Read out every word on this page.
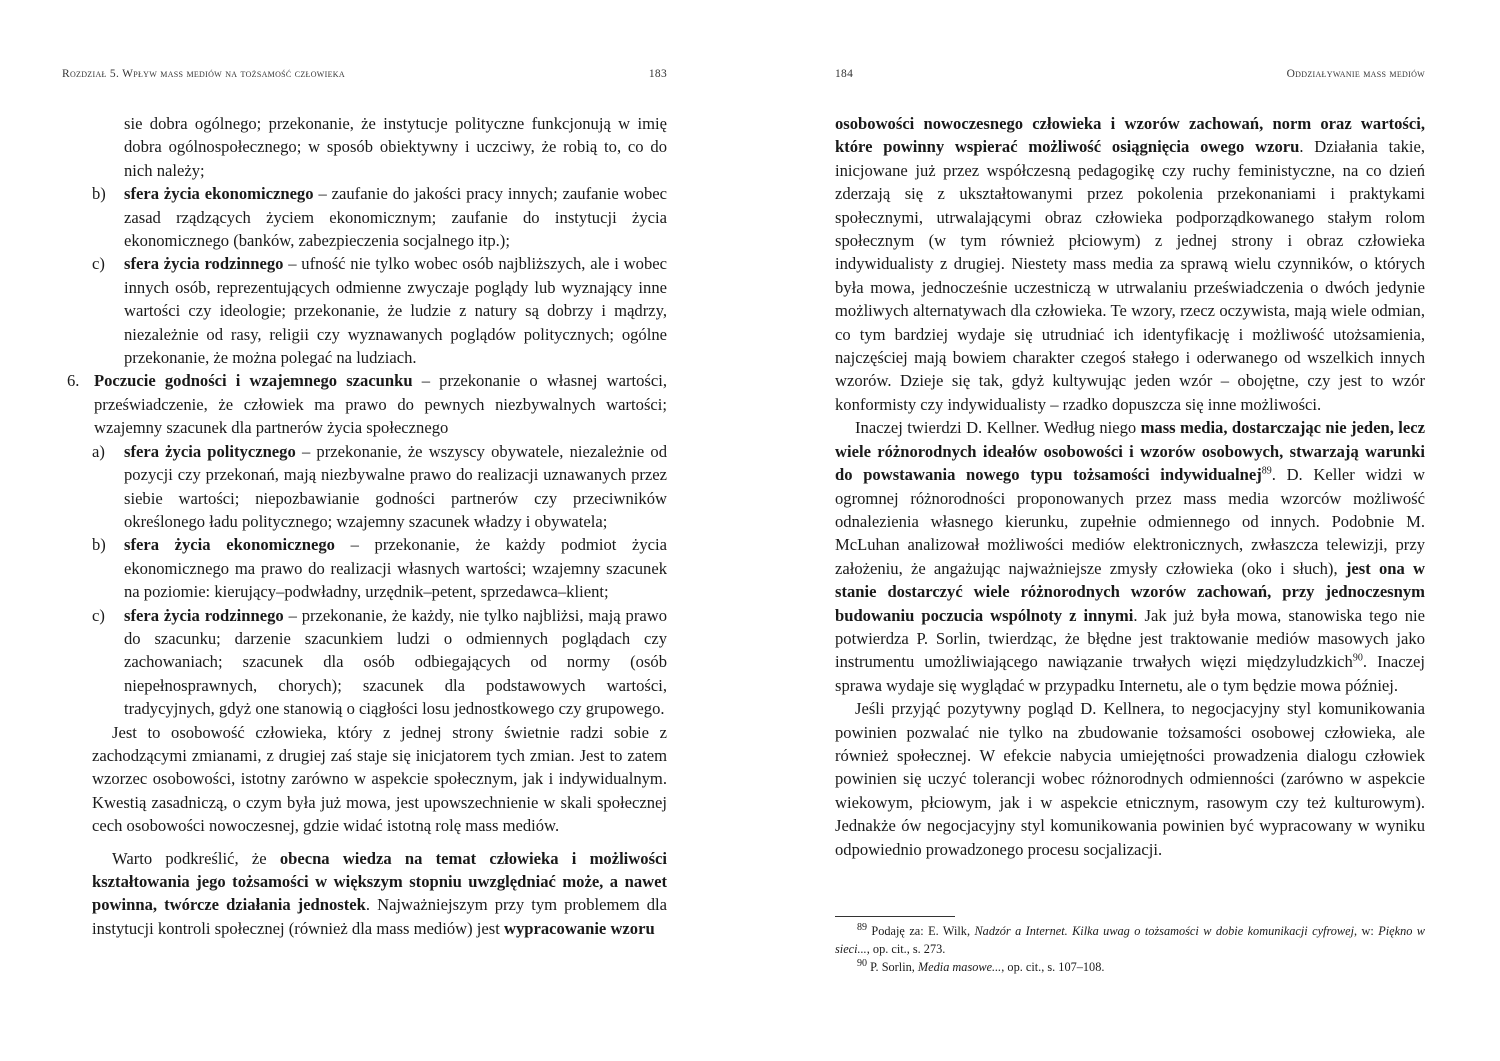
Rozdział 5. Wpływ mass mediów na tożsamość człowieka	183

sie dobra ogólnego; przekonanie, że instytucje polityczne funkcjonują w imię dobra ogólnospołecznego; w sposób obiektywny i uczciwy, że robią to, co do nich należy;

b)	sfera życia ekonomicznego – zaufanie do jakości pracy innych; zaufanie wobec zasad rządzących życiem ekonomicznym; zaufanie do instytucji życia ekonomicznego (banków, zabezpieczenia socjalnego itp.);
c)	sfera życia rodzinnego – ufność nie tylko wobec osób najbliższych, ale i wobec innych osób, reprezentujących odmienne zwyczaje poglądy lub wyznający inne wartości czy ideologie; przekonanie, że ludzie z natury są dobrzy i mądrzy, niezależnie od rasy, religii czy wyznawanych poglądów politycznych; ogólne przekonanie, że można polegać na ludziach.
6. Poczucie godności i wzajemnego szacunku – przekonanie o własnej wartości, przeświadczenie, że człowiek ma prawo do pewnych niezbywalnych wartości; wzajemny szacunek dla partnerów życia społecznego
a)	sfera życia politycznego – przekonanie, że wszyscy obywatele, niezależnie od pozycji czy przekonań, mają niezbywalne prawo do realizacji uznawanych przez siebie wartości; niepozbawianie godności partnerów czy przeciwników określonego ładu politycznego; wzajemny szacunek władzy i obywatela;
b)	sfera życia ekonomicznego – przekonanie, że każdy podmiot życia ekonomicznego ma prawo do realizacji własnych wartości; wzajemny szacunek na poziomie: kierujący–podwładny, urzędnik–petent, sprzedawca–klient;
c)	sfera życia rodzinnego – przekonanie, że każdy, nie tylko najbliżsi, mają prawo do szacunku; darzenie szacunkiem ludzi o odmiennych poglądach czy zachowaniach; szacunek dla osób odbiegających od normy (osób niepełnosprawnych, chorych); szacunek dla podstawowych wartości, tradycyjnych, gdyż one stanowią o ciągłości losu jednostkowego czy grupowego.

Jest to osobowość człowieka, który z jednej strony świetnie radzi sobie z zachodzącymi zmianami, z drugiej zaś staje się inicjatorem tych zmian. Jest to zatem wzorzec osobowości, istotny zarówno w aspekcie społecznym, jak i indywidualnym. Kwestią zasadniczą, o czym była już mowa, jest upowszechnienie w skali społecznej cech osobowości nowoczesnej, gdzie widać istotną rolę mass mediów.

Warto podkreślić, że obecna wiedza na temat człowieka i możliwości kształtowania jego tożsamości w większym stopniu uwzględniać może, a nawet powinna, twórcze działania jednostek. Najważniejszym przy tym problemem dla instytucji kontroli społecznej (również dla mass mediów) jest wypracowanie wzoru

184	Oddziaływanie mass mediów

osobowości nowoczesnego człowieka i wzorów zachowań, norm oraz wartości, które powinny wspierać możliwość osiągnięcia owego wzoru. Działania takie, inicjowane już przez współczesną pedagogikę czy ruchy feministyczne, na co dzień zderzają się z ukształtowanymi przez pokolenia przekonaniami i praktykami społecznymi, utrwalającymi obraz człowieka podporządkowanego stałym rolom społecznym (w tym również płciowym) z jednej strony i obraz człowieka indywidualisty z drugiej. Niestety mass media za sprawą wielu czynników, o których była mowa, jednocześnie uczestniczą w utrwalaniu przeświadczenia o dwóch jedynie możliwych alternatywach dla człowieka. Te wzory, rzecz oczywista, mają wiele odmian, co tym bardziej wydaje się utrudniać ich identyfikację i możliwość utożsamienia, najczęściej mają bowiem charakter czegoś stałego i oderwanego od wszelkich innych wzorów. Dzieje się tak, gdyż kultywując jeden wzór – obojętne, czy jest to wzór konformisty czy indywidualisty – rzadko dopuszcza się inne możliwości.

Inaczej twierdzi D. Kellner. Według niego mass media, dostarczając nie jeden, lecz wiele różnorodnych ideałów osobowości i wzorów osobowych, stwarzają warunki do powstawania nowego typu tożsamości indywidualnej$^{89}$. D. Keller widzi w ogromnej różnorodności proponowanych przez mass media wzorców możliwość odnalezienia własnego kierunku, zupełnie odmiennego od innych. Podobnie M. McLuhan analizował możliwości mediów elektronicznych, zwłaszcza telewizji, przy założeniu, że angażując najważniejsze zmysły człowieka (oko i słuch), jest ona w stanie dostarczyć wiele różnorodnych wzorów zachowań, przy jednoczesnym budowaniu poczucia wspólnoty z innymi. Jak już była mowa, stanowiska tego nie potwierdza P. Sorlin, twierdząc, że błędne jest traktowanie mediów masowych jako instrumentu umożliwiającego nawiązanie trwałych więzi międzyludzkich$^{90}$. Inaczej sprawa wydaje się wyglądać w przypadku Internetu, ale o tym będzie mowa później.

Jeśli przyjąć pozytywny pogląd D. Kellnera, to negocjacyjny styl komunikowania powinien pozwalać nie tylko na zbudowanie tożsamości osobowej człowieka, ale również społecznej. W efekcie nabycia umiejętności prowadzenia dialogu człowiek powinien się uczyć tolerancji wobec różnorodnych odmienności (zarówno w aspekcie wiekowym, płciowym, jak i w aspekcie etnicznym, rasowym czy też kulturowym). Jednakże ów negocjacyjny styl komunikowania powinien być wypracowany w wyniku odpowiednio prowadzonego procesu socjalizacji.

$^{89}$ Podaję za: E. Wilk, Nadzór a Internet. Kilka uwag o tożsamości w dobie komunikacji cyfrowej, w: Piękno w sieci..., op. cit., s. 273.

$^{90}$ P. Sorlin, Media masowe..., op. cit., s. 107–108.
